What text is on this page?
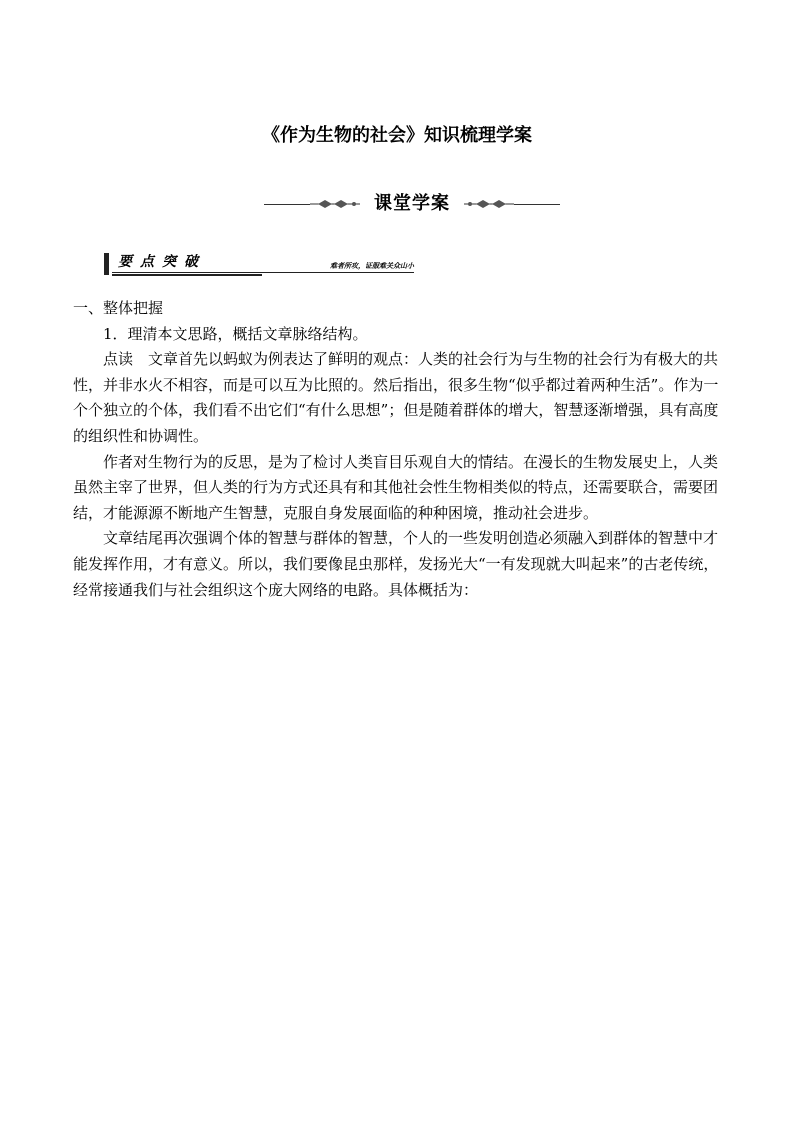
《作为生物的社会》知识梳理学案
课堂学案
要点突破	难者所攻，证服难关众山小

一、整体把握

1．理清本文思路，概括文章脉络结构。

点读　文章首先以蚂蚁为例表达了鲜明的观点：人类的社会行为与生物的社会行为有极大的共性，并非水火不相容，而是可以互为比照的。然后指出，很多生物“似乎都过着两种生活”。作为一个个独立的个体，我们看不出它们“有什么思想”；但是随着群体的增大，智慧逐渐增强，具有高度的组织性和协调性。

作者对生物行为的反思，是为了检讨人类盲目乐观自大的情结。在漫长的生物发展史上，人类虽然主宰了世界，但人类的行为方式还具有和其他社会性生物相类似的特点，还需要联合，需要团结，才能源源不断地产生智慧，克服自身发展面临的种种困境，推动社会进步。

文章结尾再次强调个体的智慧与群体的智慧，个人的一些发明创造必须融入到群体的智慧中才能发挥作用，才有意义。所以，我们要像昆虫那样，发扬光大“一有发现就大叫起来”的古老传统，经常接通我们与社会组织这个庞大网络的电路。具体概括为：
